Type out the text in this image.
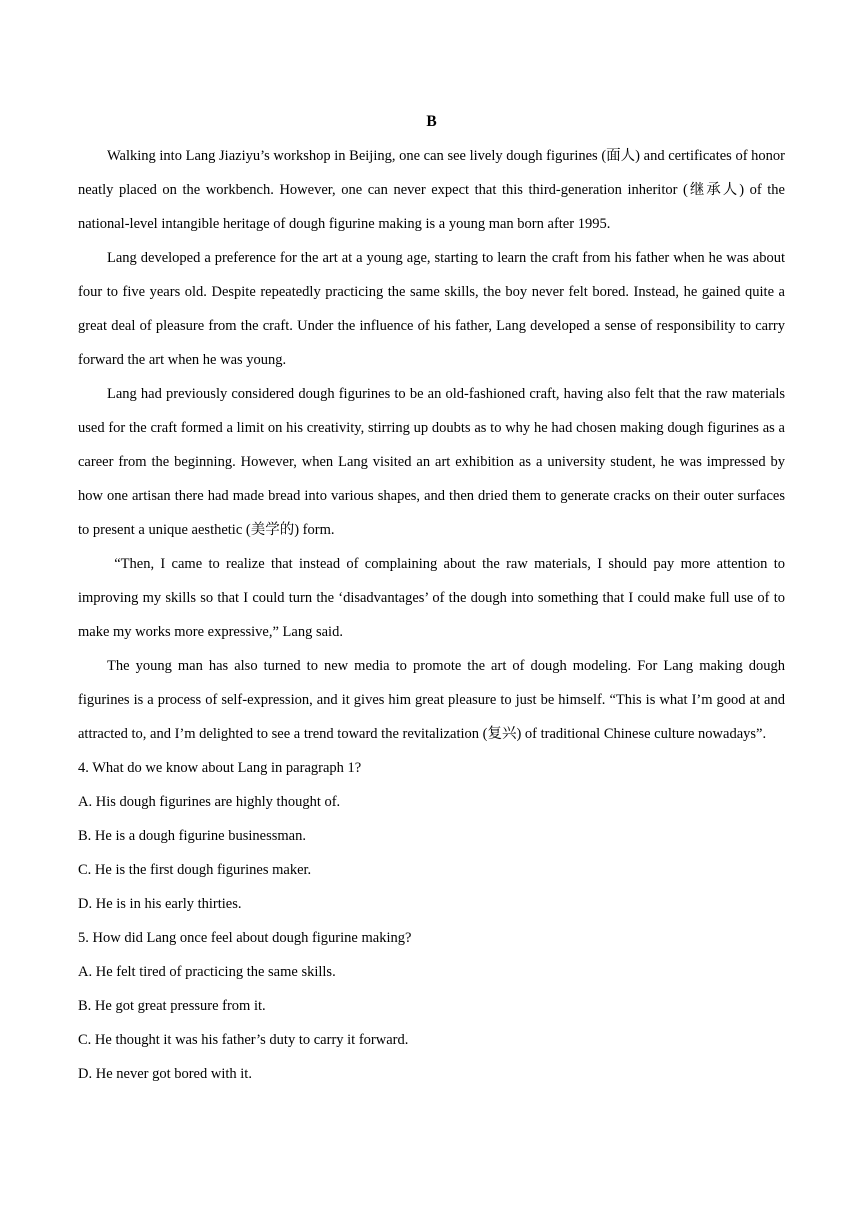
B

Walking into Lang Jiaziyu’s workshop in Beijing, one can see lively dough figurines (面人) and certificates of honor neatly placed on the workbench. However, one can never expect that this third-generation inheritor (继承人) of the national-level intangible heritage of dough figurine making is a young man born after 1995.

Lang developed a preference for the art at a young age, starting to learn the craft from his father when he was about four to five years old. Despite repeatedly practicing the same skills, the boy never felt bored. Instead, he gained quite a great deal of pleasure from the craft. Under the influence of his father, Lang developed a sense of responsibility to carry forward the art when he was young.

Lang had previously considered dough figurines to be an old-fashioned craft, having also felt that the raw materials used for the craft formed a limit on his creativity, stirring up doubts as to why he had chosen making dough figurines as a career from the beginning. However, when Lang visited an art exhibition as a university student, he was impressed by how one artisan there had made bread into various shapes, and then dried them to generate cracks on their outer surfaces to present a unique aesthetic (美学的) form.

“Then, I came to realize that instead of complaining about the raw materials, I should pay more attention to improving my skills so that I could turn the ‘disadvantages’ of the dough into something that I could make full use of to make my works more expressive,” Lang said.

The young man has also turned to new media to promote the art of dough modeling. For Lang making dough figurines is a process of self-expression, and it gives him great pleasure to just be himself. “This is what I’m good at and attracted to, and I’m delighted to see a trend toward the revitalization (复兴) of traditional Chinese culture nowadays”.

4. What do we know about Lang in paragraph 1?

A. His dough figurines are highly thought of.

B. He is a dough figurine businessman.

C. He is the first dough figurines maker.

D. He is in his early thirties.

5. How did Lang once feel about dough figurine making?

A. He felt tired of practicing the same skills.

B. He got great pressure from it.

C. He thought it was his father’s duty to carry it forward.

D. He never got bored with it.
